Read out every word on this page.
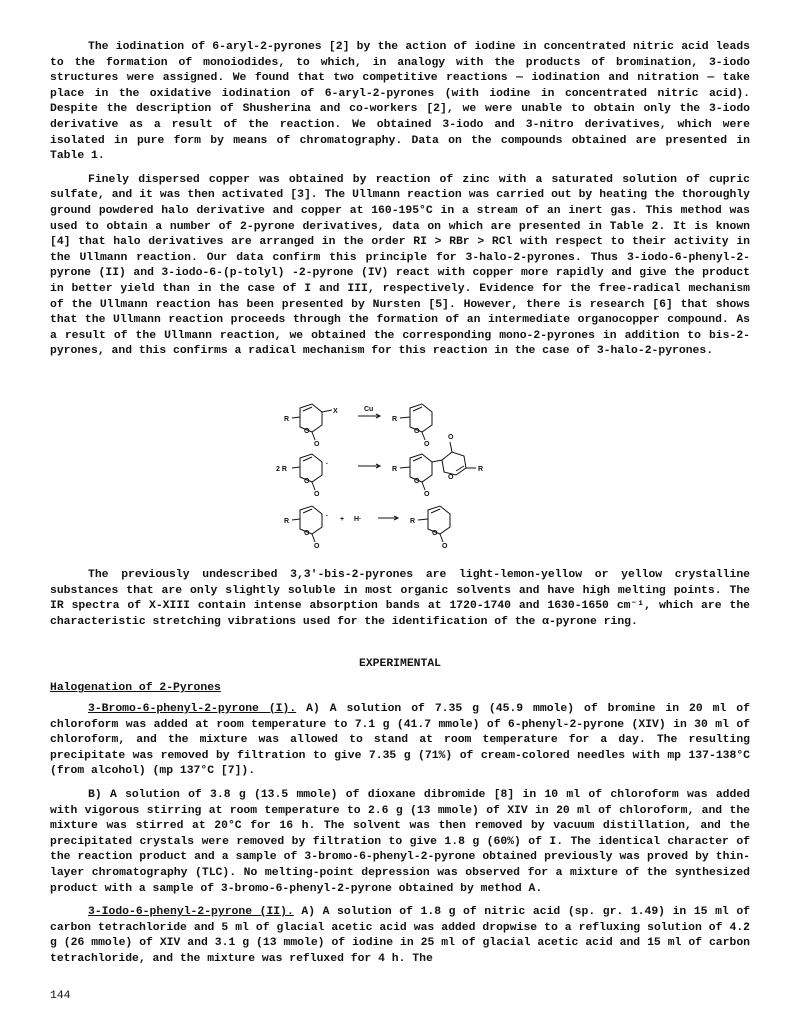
The iodination of 6-aryl-2-pyrones [2] by the action of iodine in concentrated nitric acid leads to the formation of monoiodides, to which, in analogy with the products of bromination, 3-iodo structures were assigned. We found that two competitive reactions — iodination and nitration — take place in the oxidative iodination of 6-aryl-2-pyrones (with iodine in concentrated nitric acid). Despite the description of Shusherina and co-workers [2], we were unable to obtain only the 3-iodo derivative as a result of the reaction. We obtained 3-iodo and 3-nitro derivatives, which were isolated in pure form by means of chromatography. Data on the compounds obtained are presented in Table 1.

Finely dispersed copper was obtained by reaction of zinc with a saturated solution of cupric sulfate, and it was then activated [3]. The Ullmann reaction was carried out by heating the thoroughly ground powdered halo derivative and copper at 160-195°C in a stream of an inert gas. This method was used to obtain a number of 2-pyrone derivatives, data on which are presented in Table 2. It is known [4] that halo derivatives are arranged in the order RI > RBr > RCl with respect to their activity in the Ullmann reaction. Our data confirm this principle for 3-halo-2-pyrones. Thus 3-iodo-6-phenyl-2-pyrone (II) and 3-iodo-6-(p-tolyl) -2-pyrone (IV) react with copper more rapidly and give the product in better yield than in the case of I and III, respectively. Evidence for the free-radical mechanism of the Ullmann reaction has been presented by Nursten [5]. However, there is research [6] that shows that the Ullmann reaction proceeds through the formation of an intermediate organocopper compound. As a result of the Ullmann reaction, we obtained the corresponding mono-2-pyrones in addition to bis-2-pyrones, and this confirms a radical mechanism for this reaction in the case of 3-halo-2-pyrones.

R
X
O
O
Cu
R
O
O
2 R
·
O
O
R
O
O
O
O
R
R
·
O
O
+ H·	R
O
O

The previously undescribed 3,3'-bis-2-pyrones are light-lemon-yellow or yellow crystalline substances that are only slightly soluble in most organic solvents and have high melting points. The IR spectra of X-XIII contain intense absorption bands at 1720-1740 and 1630-1650 cm⁻¹, which are the characteristic stretching vibrations used for the identification of the α-pyrone ring.

EXPERIMENTAL
Halogenation of 2-Pyrones

3-Bromo-6-phenyl-2-pyrone (I). A) A solution of 7.35 g (45.9 mmole) of bromine in 20 ml of chloroform was added at room temperature to 7.1 g (41.7 mmole) of 6-phenyl-2-pyrone (XIV) in 30 ml of chloroform, and the mixture was allowed to stand at room temperature for a day. The resulting precipitate was removed by filtration to give 7.35 g (71%) of cream-colored needles with mp 137-138°C (from alcohol) (mp 137°C [7]).

B) A solution of 3.8 g (13.5 mmole) of dioxane dibromide [8] in 10 ml of chloroform was added with vigorous stirring at room temperature to 2.6 g (13 mmole) of XIV in 20 ml of chloroform, and the mixture was stirred at 20°C for 16 h. The solvent was then removed by vacuum distillation, and the precipitated crystals were removed by filtration to give 1.8 g (60%) of I. The identical character of the reaction product and a sample of 3-bromo-6-phenyl-2-pyrone obtained previously was proved by thin-layer chromatography (TLC). No melting-point depression was observed for a mixture of the synthesized product with a sample of 3-bromo-6-phenyl-2-pyrone obtained by method A.

3-Iodo-6-phenyl-2-pyrone (II). A) A solution of 1.8 g of nitric acid (sp. gr. 1.49) in 15 ml of carbon tetrachloride and 5 ml of glacial acetic acid was added dropwise to a refluxing solution of 4.2 g (26 mmole) of XIV and 3.1 g (13 mmole) of iodine in 25 ml of glacial acetic acid and 15 ml of carbon tetrachloride, and the mixture was refluxed for 4 h. The

144
